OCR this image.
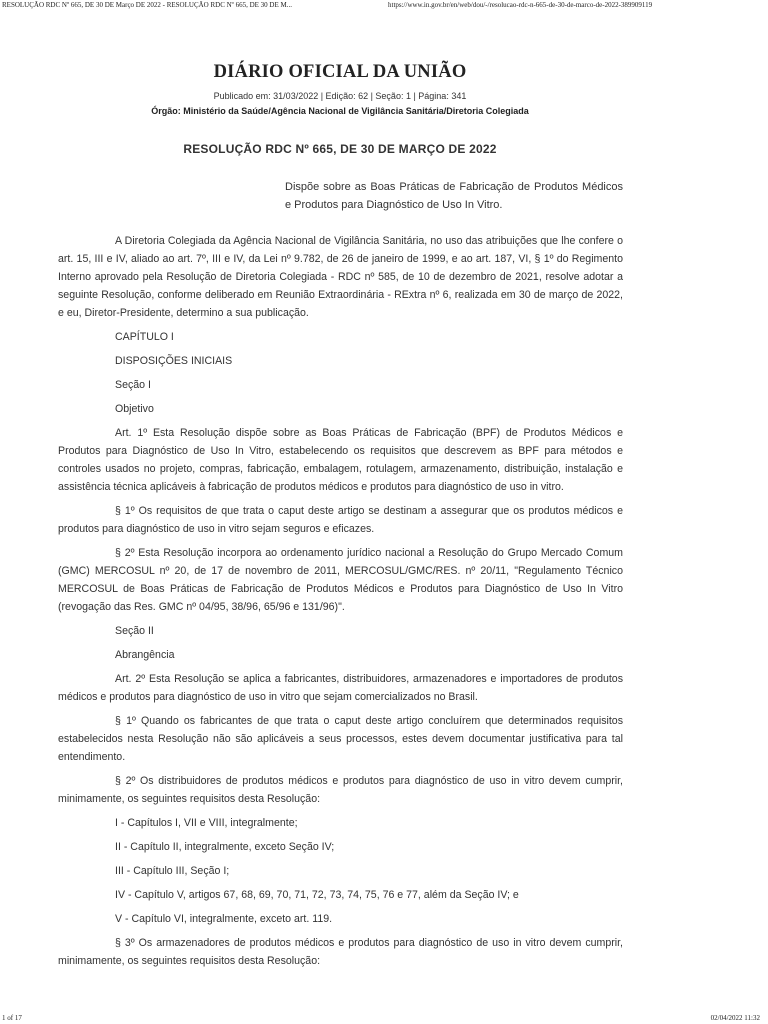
RESOLUÇÃO RDC Nº 665, DE 30 DE Março DE 2022 - RESOLUÇÃO RDC Nº 665, DE 30 DE M...	https://www.in.gov.br/en/web/dou/-/resolucao-rdc-n-665-de-30-de-marco-de-2022-389909119
DIÁRIO OFICIAL DA UNIÃO
Publicado em: 31/03/2022 | Edição: 62 | Seção: 1 | Página: 341
Órgão: Ministério da Saúde/Agência Nacional de Vigilância Sanitária/Diretoria Colegiada
RESOLUÇÃO RDC Nº 665, DE 30 DE MARÇO DE 2022
Dispõe sobre as Boas Práticas de Fabricação de Produtos Médicos e Produtos para Diagnóstico de Uso In Vitro.

A Diretoria Colegiada da Agência Nacional de Vigilância Sanitária, no uso das atribuições que lhe confere o art. 15, III e IV, aliado ao art. 7º, III e IV, da Lei nº 9.782, de 26 de janeiro de 1999, e ao art. 187, VI, § 1º do Regimento Interno aprovado pela Resolução de Diretoria Colegiada - RDC nº 585, de 10 de dezembro de 2021, resolve adotar a seguinte Resolução, conforme deliberado em Reunião Extraordinária - RExtra nº 6, realizada em 30 de março de 2022, e eu, Diretor-Presidente, determino a sua publicação.

CAPÍTULO I

DISPOSIÇÕES INICIAIS

Seção I

Objetivo

Art. 1º Esta Resolução dispõe sobre as Boas Práticas de Fabricação (BPF) de Produtos Médicos e Produtos para Diagnóstico de Uso In Vitro, estabelecendo os requisitos que descrevem as BPF para métodos e controles usados no projeto, compras, fabricação, embalagem, rotulagem, armazenamento, distribuição, instalação e assistência técnica aplicáveis à fabricação de produtos médicos e produtos para diagnóstico de uso in vitro.

§ 1º Os requisitos de que trata o caput deste artigo se destinam a assegurar que os produtos médicos e produtos para diagnóstico de uso in vitro sejam seguros e eficazes.

§ 2º Esta Resolução incorpora ao ordenamento jurídico nacional a Resolução do Grupo Mercado Comum (GMC) MERCOSUL nº 20, de 17 de novembro de 2011, MERCOSUL/GMC/RES. nº 20/11, "Regulamento Técnico MERCOSUL de Boas Práticas de Fabricação de Produtos Médicos e Produtos para Diagnóstico de Uso In Vitro (revogação das Res. GMC nº 04/95, 38/96, 65/96 e 131/96)".

Seção II

Abrangência

Art. 2º Esta Resolução se aplica a fabricantes, distribuidores, armazenadores e importadores de produtos médicos e produtos para diagnóstico de uso in vitro que sejam comercializados no Brasil.

§ 1º Quando os fabricantes de que trata o caput deste artigo concluírem que determinados requisitos estabelecidos nesta Resolução não são aplicáveis a seus processos, estes devem documentar justificativa para tal entendimento.

§ 2º Os distribuidores de produtos médicos e produtos para diagnóstico de uso in vitro devem cumprir, minimamente, os seguintes requisitos desta Resolução:

I - Capítulos I, VII e VIII, integralmente;

II - Capítulo II, integralmente, exceto Seção IV;

III - Capítulo III, Seção I;

IV - Capítulo V, artigos 67, 68, 69, 70, 71, 72, 73, 74, 75, 76 e 77, além da Seção IV; e

V - Capítulo VI, integralmente, exceto art. 119.

§ 3º Os armazenadores de produtos médicos e produtos para diagnóstico de uso in vitro devem cumprir, minimamente, os seguintes requisitos desta Resolução:

1 of 17	02/04/2022 11:32
